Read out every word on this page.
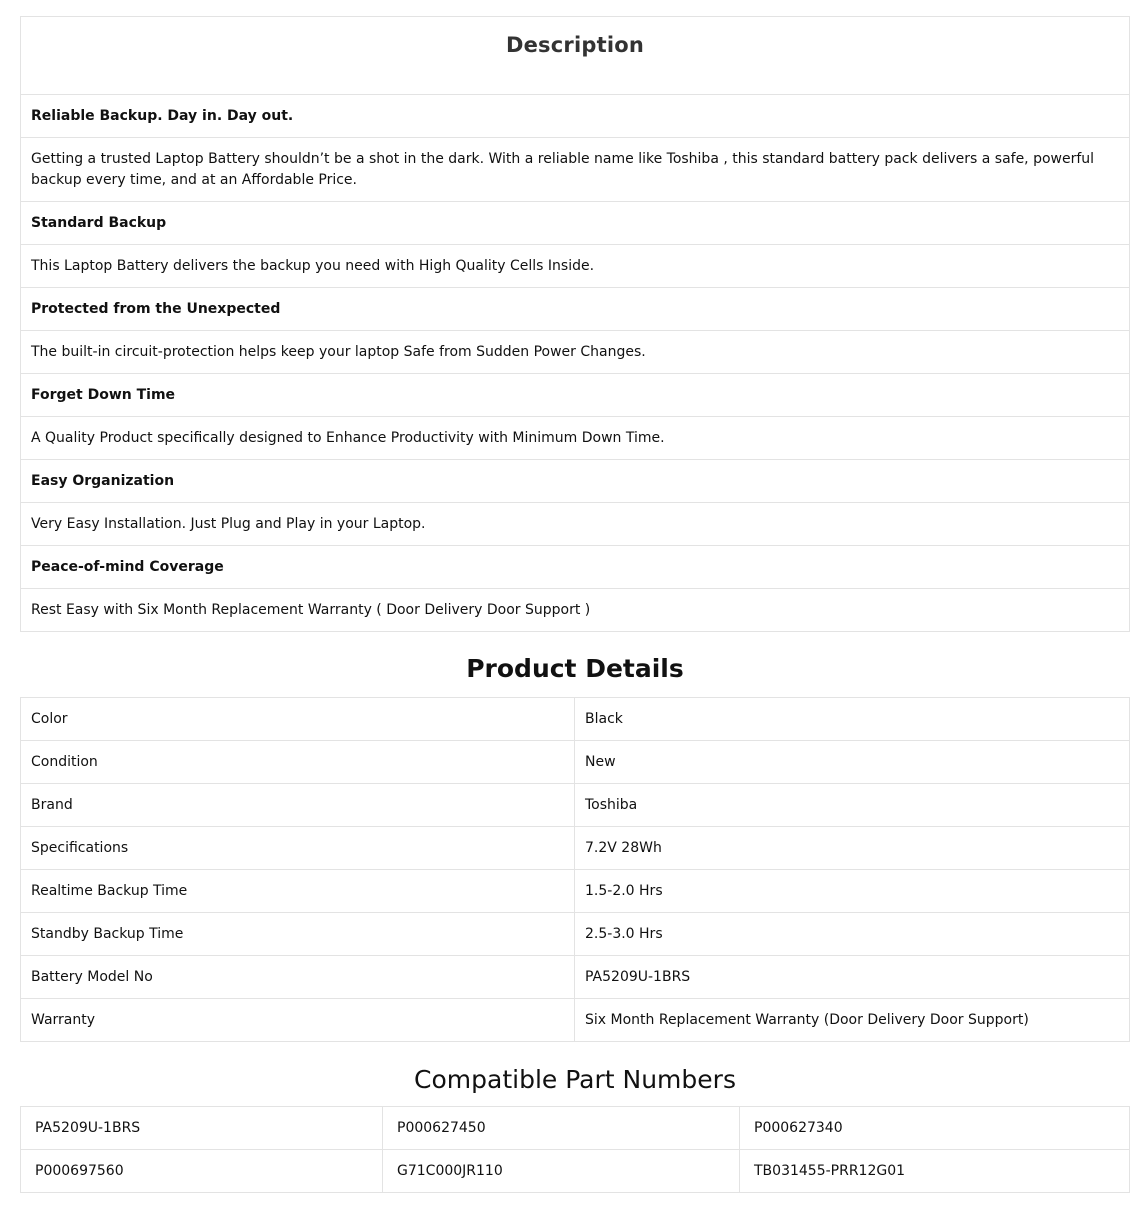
Description
Reliable Backup. Day in. Day out.
Getting a trusted Laptop Battery shouldn’t be a shot in the dark. With a reliable name like Toshiba , this standard battery pack delivers a safe, powerful backup every time, and at an Affordable Price.
Standard Backup
This Laptop Battery delivers the backup you need with High Quality Cells Inside.
Protected from the Unexpected
The built-in circuit-protection helps keep your laptop Safe from Sudden Power Changes.
Forget Down Time
A Quality Product specifically designed to Enhance Productivity with Minimum Down Time.
Easy Organization
Very Easy Installation. Just Plug and Play in your Laptop.
Peace-of-mind Coverage
Rest Easy with Six Month Replacement Warranty ( Door Delivery Door Support )
Product Details
Color	Black
Condition	New
Brand	Toshiba
Specifications	7.2V 28Wh
Realtime Backup Time	1.5-2.0 Hrs
Standby Backup Time	2.5-3.0 Hrs
Battery Model No	PA5209U-1BRS
Warranty	Six Month Replacement Warranty (Door Delivery Door Support)
Compatible Part Numbers
PA5209U-1BRS	P000627450	P000627340
P000697560	G71C000JR110	TB031455-PRR12G01
